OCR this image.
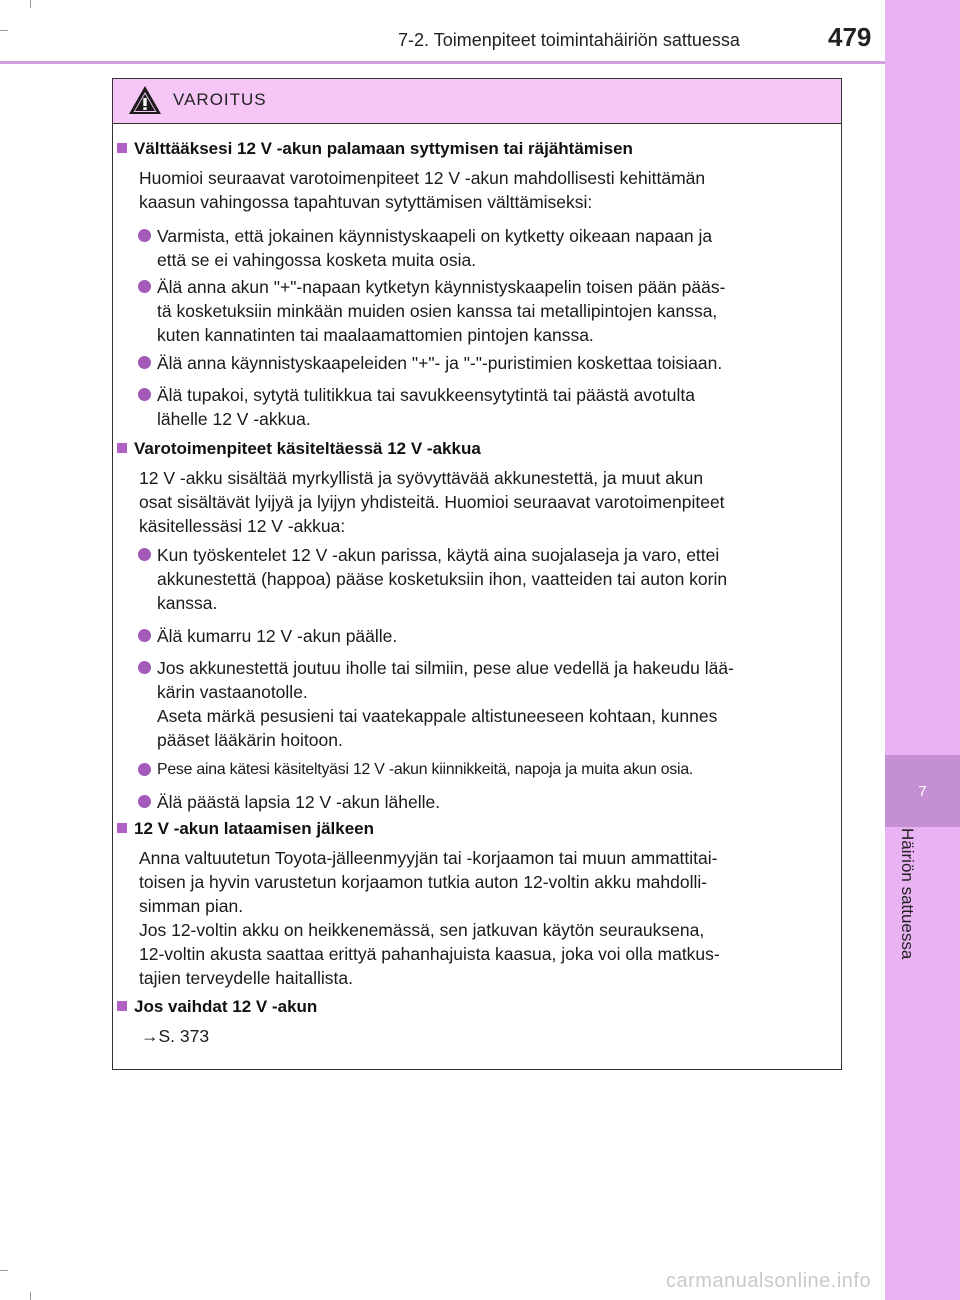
7
Häiriön sattuessa
7-2. Toimenpiteet toimintahäiriön sattuessa	479
VAROITUS
Välttääksesi 12 V -akun palamaan syttymisen tai räjähtämisen
Huomioi seuraavat varotoimenpiteet 12 V -akun mahdollisesti kehittämän
kaasun vahingossa tapahtuvan sytyttämisen välttämiseksi:
Varmista, että jokainen käynnistyskaapeli on kytketty oikeaan napaan ja
että se ei vahingossa kosketa muita osia.
Älä anna akun "+"-napaan kytketyn käynnistyskaapelin toisen pään pääs-
tä kosketuksiin minkään muiden osien kanssa tai metallipintojen kanssa,
kuten kannatinten tai maalaamattomien pintojen kanssa.
Älä anna käynnistyskaapeleiden "+"- ja "-"-puristimien koskettaa toisiaan.
Älä tupakoi, sytytä tulitikkua tai savukkeensytytintä tai päästä avotulta
lähelle 12 V -akkua.
Varotoimenpiteet käsiteltäessä 12 V -akkua
12 V -akku sisältää myrkyllistä ja syövyttävää akkunestettä, ja muut akun
osat sisältävät lyijyä ja lyijyn yhdisteitä. Huomioi seuraavat varotoimenpiteet
käsitellessäsi 12 V -akkua:
Kun työskentelet 12 V -akun parissa, käytä aina suojalaseja ja varo, ettei
akkunestettä (happoa) pääse kosketuksiin ihon, vaatteiden tai auton korin
kanssa.
Älä kumarru 12 V -akun päälle.
Jos akkunestettä joutuu iholle tai silmiin, pese alue vedellä ja hakeudu lää-
kärin vastaanotolle.
Aseta märkä pesusieni tai vaatekappale altistuneeseen kohtaan, kunnes
pääset lääkärin hoitoon.
Pese aina kätesi käsiteltyäsi 12 V -akun kiinnikkeitä, napoja ja muita akun osia.
Älä päästä lapsia 12 V -akun lähelle.
12 V -akun lataamisen jälkeen
Anna valtuutetun Toyota-jälleenmyyjän tai -korjaamon tai muun ammattitai-
toisen ja hyvin varustetun korjaamon tutkia auton 12-voltin akku mahdolli-
simman pian.
Jos 12-voltin akku on heikkenemässä, sen jatkuvan käytön seurauksena,
12-voltin akusta saattaa erittyä pahanhajuista kaasua, joka voi olla matkus-
tajien terveydelle haitallista.
Jos vaihdat 12 V -akun
→S. 373
carmanualsonline.info
